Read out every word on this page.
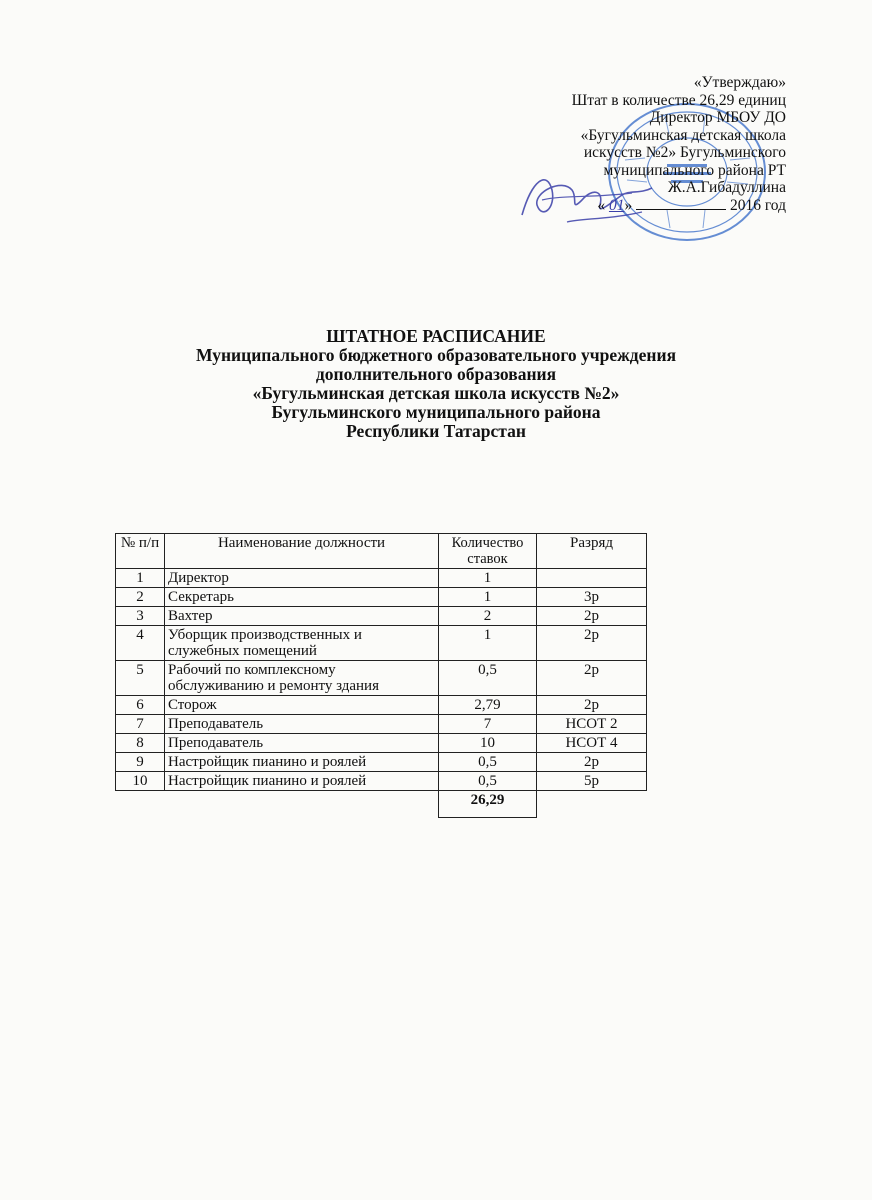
«Утверждаю»
Штат в количестве 26,29 единиц
Директор МБОУ ДО
«Бугульминская детская школа
искусств №2» Бугульминского
муниципального района РТ
Ж.А.Гибадуллина
« 01»	2016 год
ШТАТНОЕ РАСПИСАНИЕ
Муниципального бюджетного образовательного учреждения
дополнительного образования
«Бугульминская детская школа искусств №2»
Бугульминского муниципального района
Республики Татарстан
№ п/п	Наименование должности	Количество ставок	Разряд
1	Директор	1	
2	Секретарь	1	3р
3	Вахтер	2	2р
4	Уборщик производственных и служебных помещений	1	2р
5	Рабочий по комплексному обслуживанию и ремонту здания	0,5	2р
6	Сторож	2,79	2р
7	Преподаватель	7	НСОТ 2
8	Преподаватель	10	НСОТ 4
9	Настройщик пианино и роялей	0,5	2р
10	Настройщик пианино и роялей	0,5	5р
		26,29	
